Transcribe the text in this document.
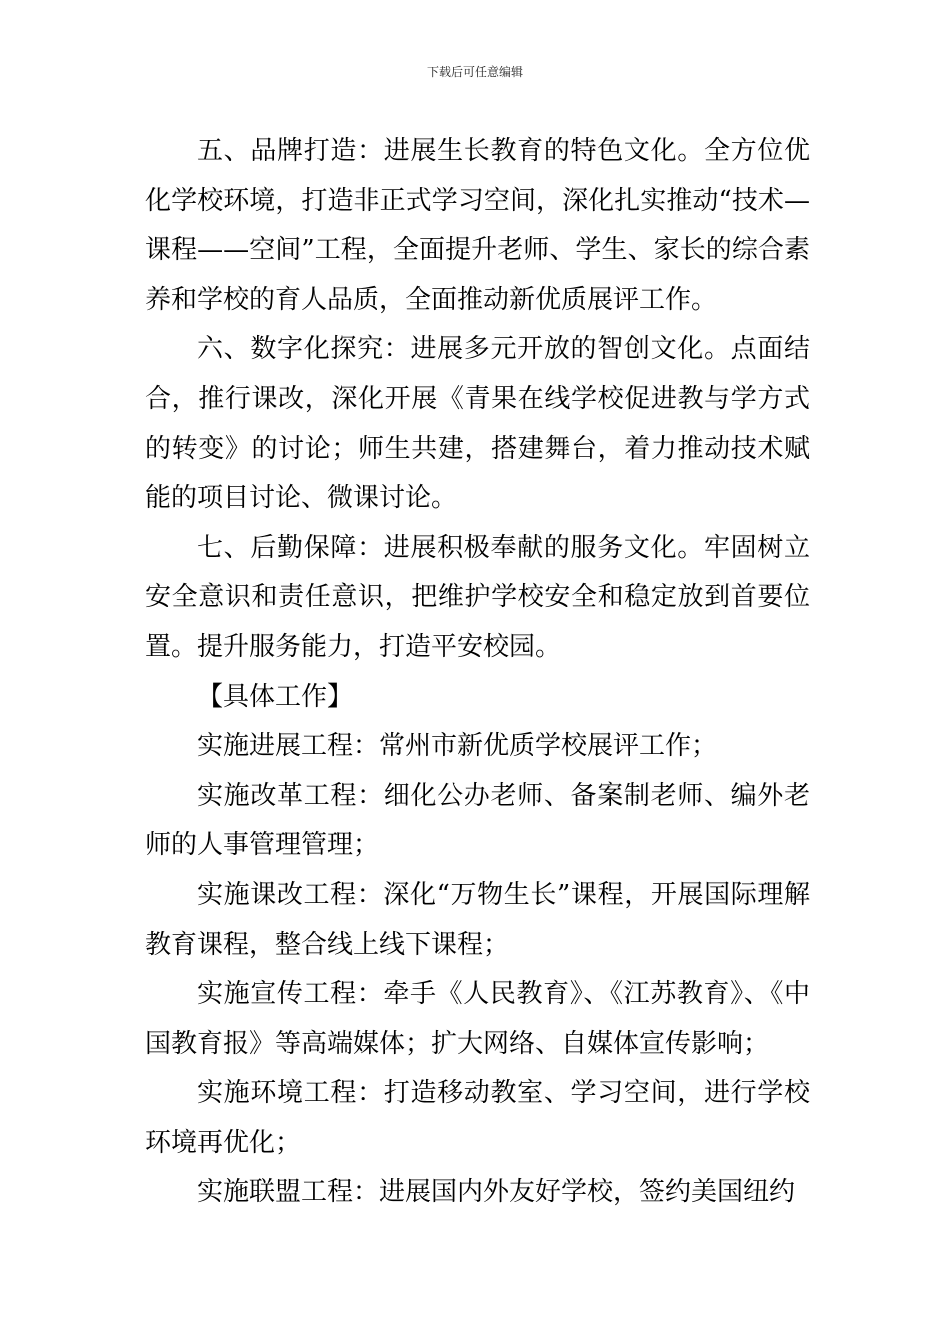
下载后可任意编辑

五、品牌打造：进展生长教育的特色文化。全方位优化学校环境，打造非正式学习空间，深化扎实推动“技术—课程——空间”工程，全面提升老师、学生、家长的综合素养和学校的育人品质，全面推动新优质展评工作。

六、数字化探究：进展多元开放的智创文化。点面结合，推行课改，深化开展《青果在线学校促进教与学方式的转变》的讨论；师生共建，搭建舞台，着力推动技术赋能的项目讨论、微课讨论。

七、后勤保障：进展积极奉献的服务文化。牢固树立安全意识和责任意识，把维护学校安全和稳定放到首要位置。提升服务能力，打造平安校园。

【具体工作】

实施进展工程：常州市新优质学校展评工作；

实施改革工程：细化公办老师、备案制老师、编外老师的人事管理管理；

实施课改工程：深化“万物生长”课程，开展国际理解教育课程，整合线上线下课程；

实施宣传工程：牵手《人民教育》、《江苏教育》、《中国教育报》等高端媒体；扩大网络、自媒体宣传影响；

实施环境工程：打造移动教室、学习空间，进行学校环境再优化；

实施联盟工程：进展国内外友好学校，签约美国纽约
